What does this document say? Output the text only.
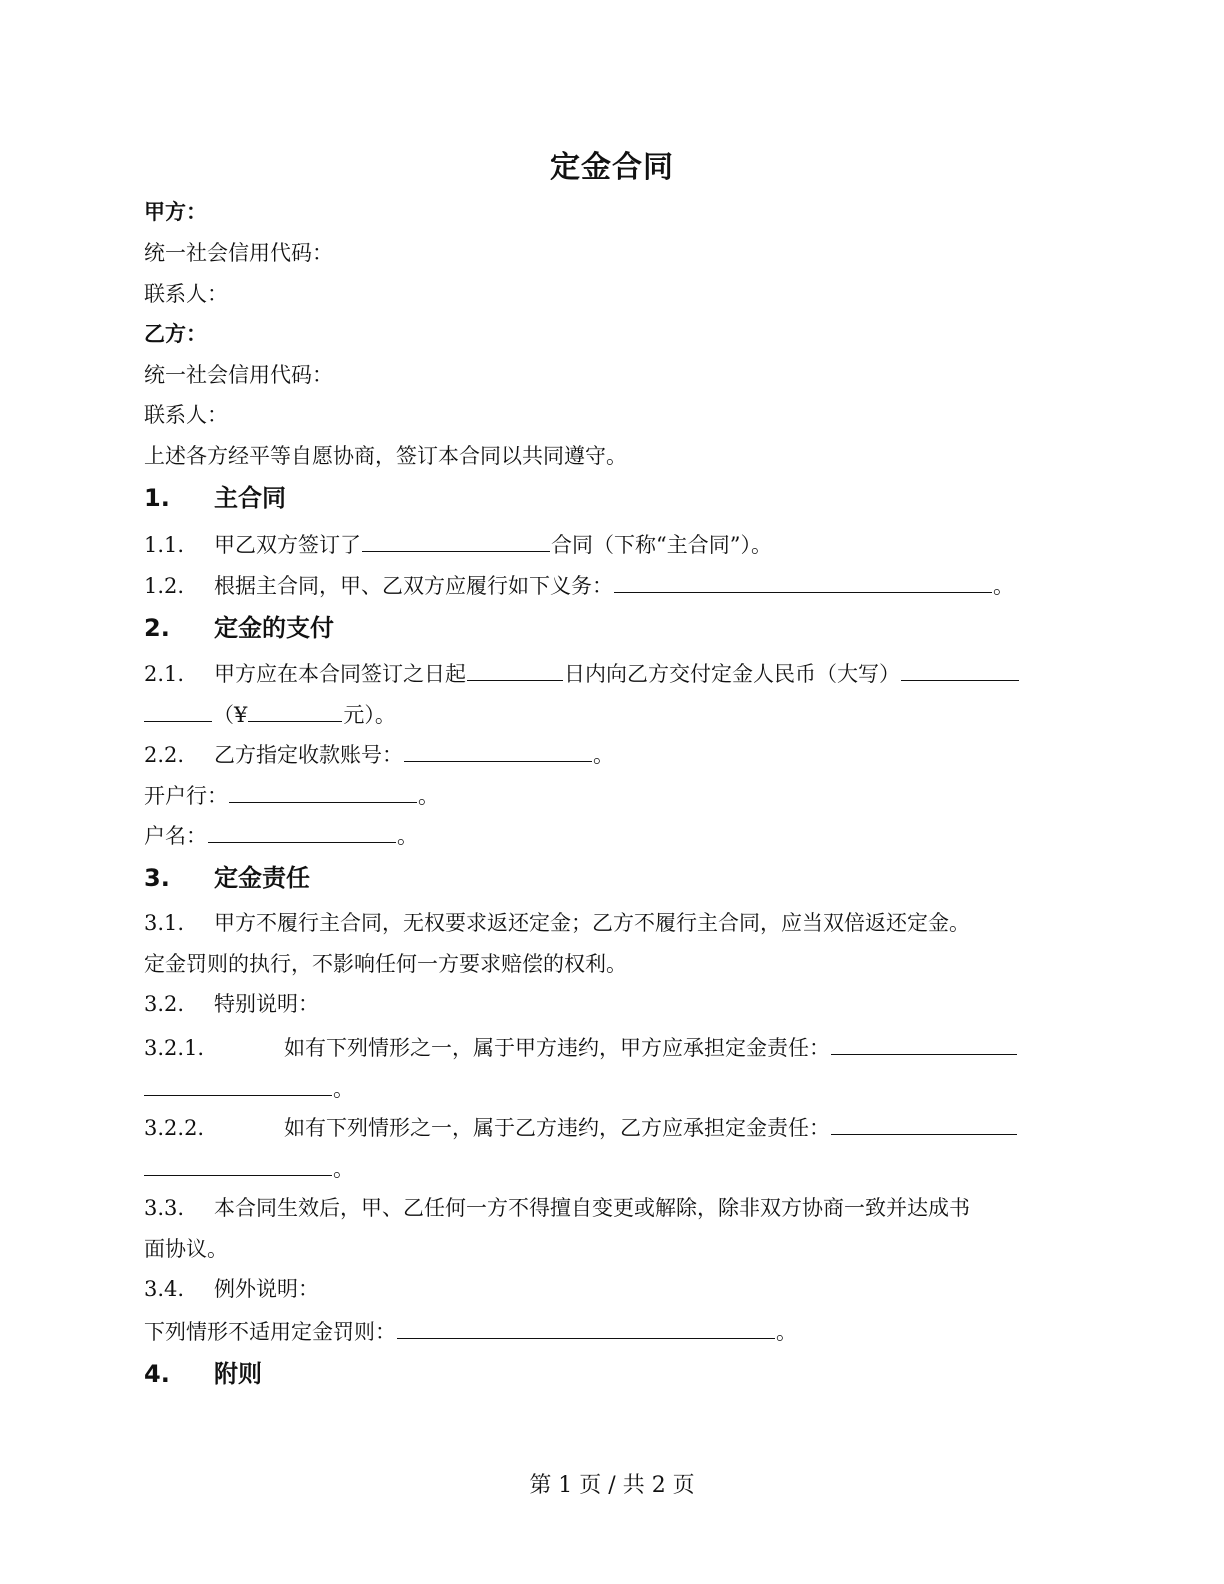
定金合同
甲方：
统一社会信用代码：
联系人：
乙方：
统一社会信用代码：
联系人：
上述各方经平等自愿协商，签订本合同以共同遵守。
1. 主合同
1.1. 甲乙双方签订了	合同（下称“主合同”）。
1.2. 根据主合同，甲、乙双方应履行如下义务：	。
2. 定金的支付
2.1. 甲方应在本合同签订之日起	日内向乙方交付定金人民币（大写）
（¥	元）。
2.2. 乙方指定收款账号：	。
开户行：	。
户名：	。
3. 定金责任
3.1. 甲方不履行主合同，无权要求返还定金；乙方不履行主合同，应当双倍返还定金。
定金罚则的执行，不影响任何一方要求赔偿的权利。
3.2. 特别说明：
3.2.1.	如有下列情形之一，属于甲方违约，甲方应承担定金责任：
。
3.2.2.	如有下列情形之一，属于乙方违约，乙方应承担定金责任：
。
3.3. 本合同生效后，甲、乙任何一方不得擅自变更或解除，除非双方协商一致并达成书
面协议。
3.4. 例外说明：
下列情形不适用定金罚则：	。
4. 附则
第 1 页 / 共 2 页
